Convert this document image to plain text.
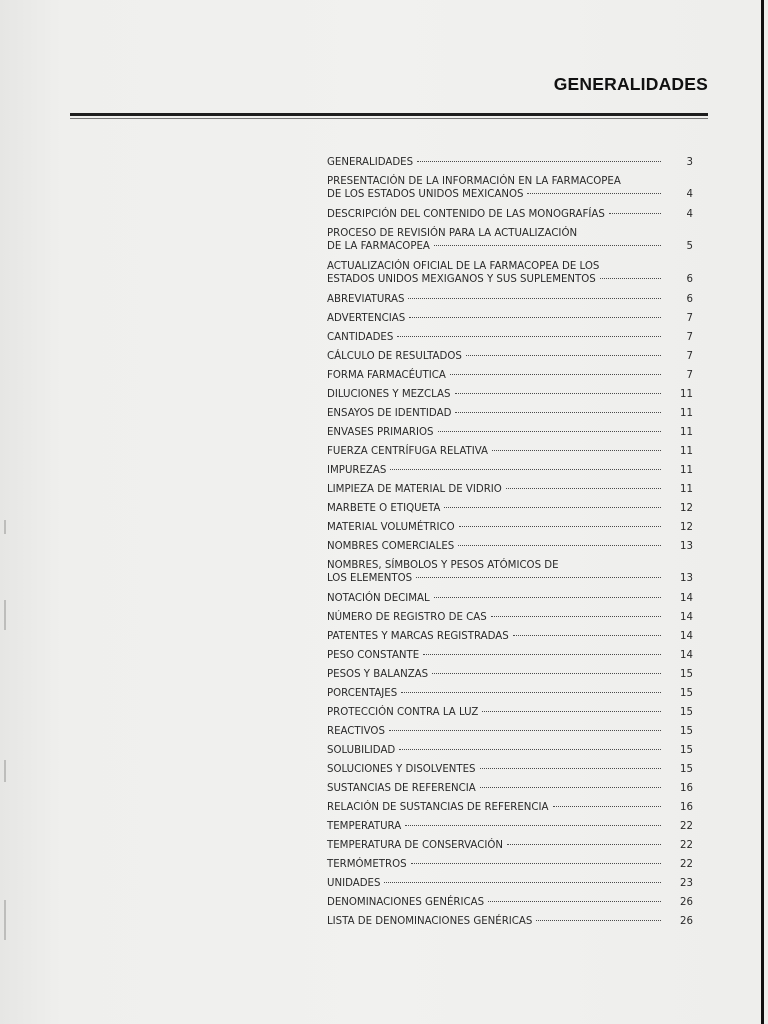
GENERALIDADES
GENERALIDADES	3
PRESENTACIÓN DE LA INFORMACIÓN EN LA FARMACOPEA
DE LOS ESTADOS UNIDOS MEXICANOS	4
DESCRIPCIÓN DEL CONTENIDO DE LAS MONOGRAFÍAS	4
PROCESO DE REVISIÓN PARA LA ACTUALIZACIÓN
DE LA FARMACOPEA	5
ACTUALIZACIÓN OFICIAL DE LA FARMACOPEA DE LOS
ESTADOS UNIDOS MEXIGANOS Y SUS SUPLEMENTOS	6
ABREVIATURAS	6
ADVERTENCIAS	7
CANTIDADES	7
CÁLCULO DE RESULTADOS	7
FORMA FARMACÉUTICA	7
DILUCIONES Y MEZCLAS	11
ENSAYOS DE IDENTIDAD	11
ENVASES PRIMARIOS	11
FUERZA CENTRÍFUGA RELATIVA	11
IMPUREZAS	11
LIMPIEZA DE MATERIAL DE VIDRIO	11
MARBETE O ETIQUETA	12
MATERIAL VOLUMÉTRICO	12
NOMBRES COMERCIALES	13
NOMBRES, SÍMBOLOS Y PESOS ATÓMICOS DE
LOS ELEMENTOS	13
NOTACIÓN DECIMAL	14
NÚMERO DE REGISTRO DE CAS	14
PATENTES Y MARCAS REGISTRADAS	14
PESO CONSTANTE	14
PESOS Y BALANZAS	15
PORCENTAJES	15
PROTECCIÓN CONTRA LA LUZ	15
REACTIVOS	15
SOLUBILIDAD	15
SOLUCIONES Y DISOLVENTES	15
SUSTANCIAS DE REFERENCIA	16
RELACIÓN DE SUSTANCIAS DE REFERENCIA	16
TEMPERATURA	22
TEMPERATURA DE CONSERVACIÓN	22
TERMÓMETROS	22
UNIDADES	23
DENOMINACIONES GENÉRICAS	26
LISTA DE DENOMINACIONES GENÉRICAS	26
